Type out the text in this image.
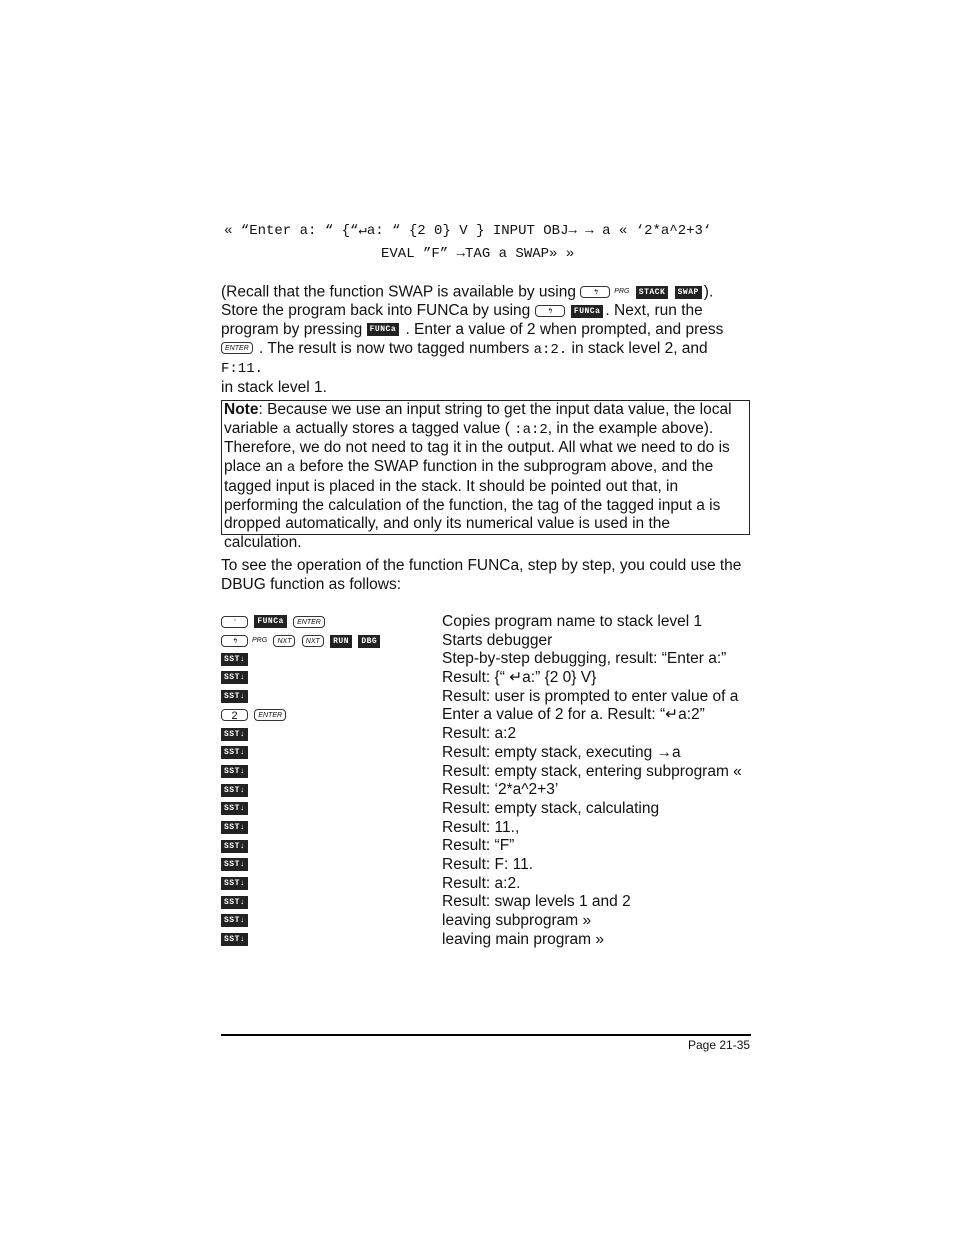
« “Enter a: “ {“↵a: “ {2 0} V } INPUT OBJ→ → a « ‘2*a^2+3‘
EVAL ”F” →TAG a SWAP» »
(Recall that the function SWAP is available by using ↰ PRG STACK SWAP ).
Store the program back into FUNCa by using ↰	FUNCa . Next, run the
program by pressing FUNCa . Enter a value of 2 when prompted, and press
ENTER . The result is now two tagged numbers a:2. in stack level 2, and F:11.
in stack level 1.
Note: Because we use an input string to get the input data value, the local variable a actually stores a tagged value ( :a:2, in the example above). Therefore, we do not need to tag it in the output. All what we need to do is place an a before the SWAP function in the subprogram above, and the tagged input is placed in the stack. It should be pointed out that, in performing the calculation of the function, the tag of the tagged input a is dropped automatically, and only its numerical value is used in the calculation.
To see the operation of the function FUNCa, step by step, you could use the
DBUG function as follows:
'	FUNCa ENTER	Copies program name to stack level 1
↰ PRG NXT NXT RUN DBG	Starts debugger
SST↓	Step-by-step debugging, result: “Enter a:”
SST↓	Result: {“ ↵a:” {2 0} V}
SST↓	Result: user is prompted to enter value of a
2	ENTER	Enter a value of 2 for a. Result: “↵a:2”
SST↓	Result: a:2
SST↓	Result: empty stack, executing →a
SST↓	Result: empty stack, entering subprogram «
SST↓	Result: ‘2*a^2+3’
SST↓	Result: empty stack, calculating
SST↓	Result: 11.,
SST↓	Result: “F”
SST↓	Result: F: 11.
SST↓	Result: a:2.
SST↓	Result: swap levels 1 and 2
SST↓	leaving subprogram »
SST↓	leaving main program »
Page 21-35
